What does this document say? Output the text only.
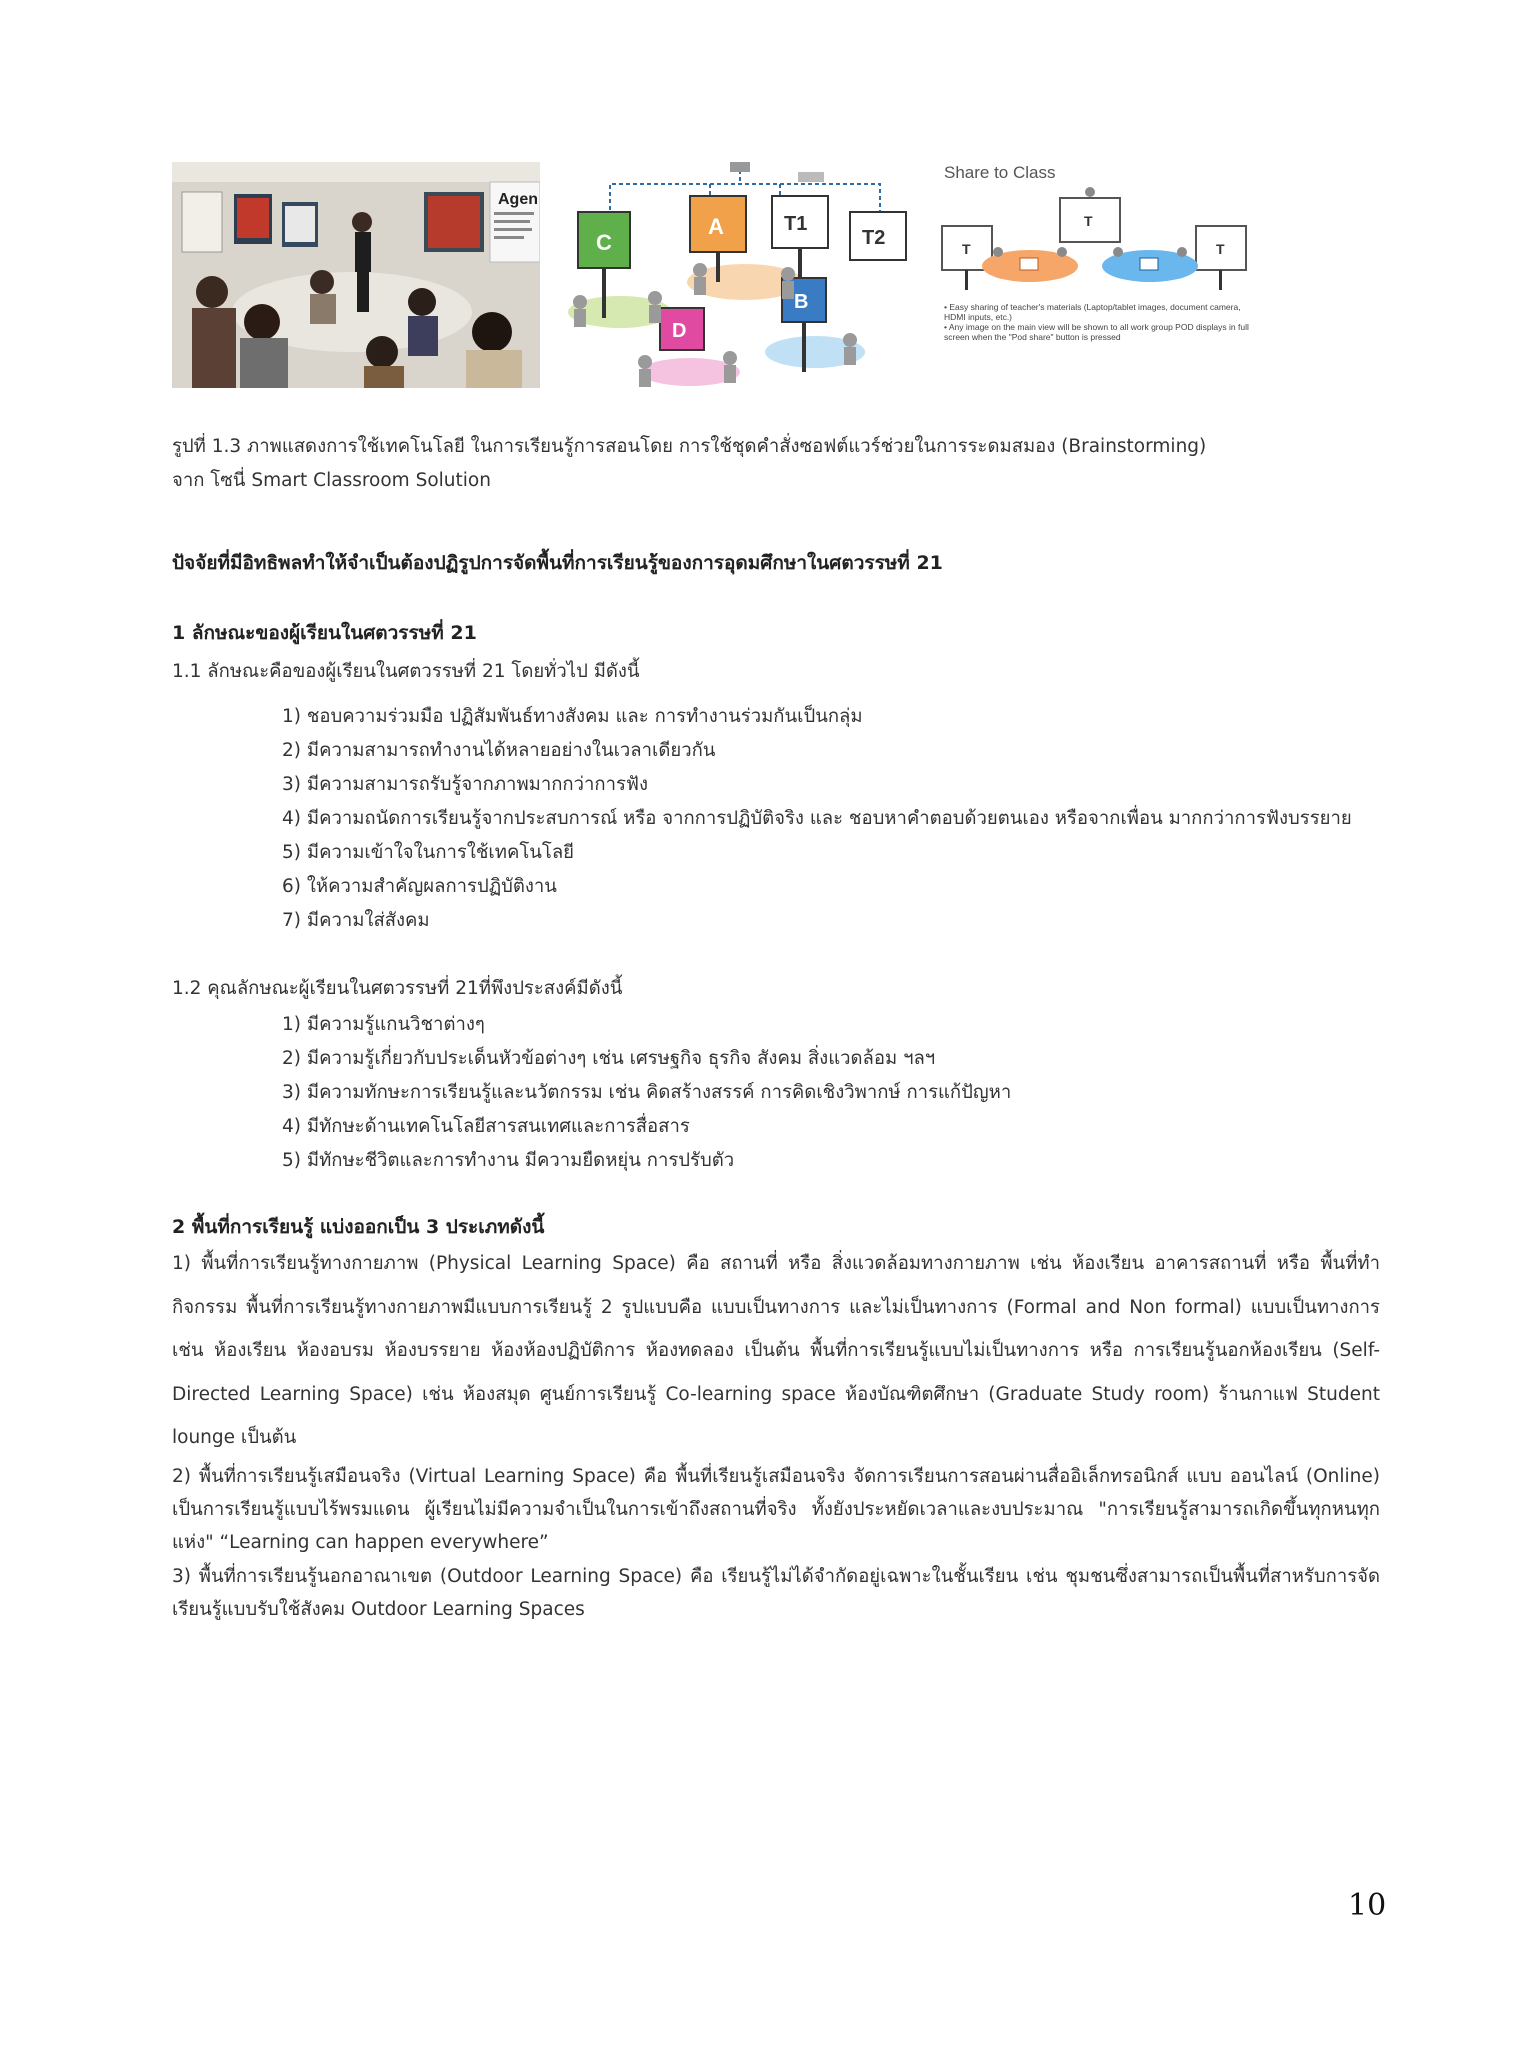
Agen
C
A	T1
T2
B
D
Share to Class
T
T	T
• Easy sharing of teacher's materials (Laptop/tablet images, document camera, HDMI inputs, etc.)
• Any image on the main view will be shown to all work group POD displays in full screen when the "Pod share" button is pressed

รูปที่ 1.3 ภาพแสดงการใช้เทคโนโลยี ในการเรียนรู้การสอนโดย การใช้ชุดคำสั่งซอฟต์แวร์ช่วยในการระดมสมอง (Brainstorming)

จาก โซนี่ Smart Classroom Solution

ปัจจัยที่มีอิทธิพลทำให้จำเป็นต้องปฏิรูปการจัดพื้นที่การเรียนรู้ของการอุดมศึกษาในศตวรรษที่ 21

1 ลักษณะของผู้เรียนในศตวรรษที่ 21

1.1 ลักษณะคือของผู้เรียนในศตวรรษที่ 21 โดยทั่วไป มีดังนี้

1) ชอบความร่วมมือ ปฏิสัมพันธ์ทางสังคม และ การทำงานร่วมกันเป็นกลุ่ม

2) มีความสามารถทำงานได้หลายอย่างในเวลาเดียวกัน

3) มีความสามารถรับรู้จากภาพมากกว่าการฟัง

4) มีความถนัดการเรียนรู้จากประสบการณ์ หรือ จากการปฏิบัติจริง และ ชอบหาคำตอบด้วยตนเอง หรือจากเพื่อน มากกว่าการฟังบรรยาย

5) มีความเข้าใจในการใช้เทคโนโลยี

6) ให้ความสำคัญผลการปฏิบัติงาน

7) มีความใส่สังคม

1.2 คุณลักษณะผู้เรียนในศตวรรษที่ 21ที่พึงประสงค์มีดังนี้

1) มีความรู้แกนวิชาต่างๆ

2) มีความรู้เกี่ยวกับประเด็นหัวข้อต่างๆ เช่น เศรษฐกิจ ธุรกิจ สังคม สิ่งแวดล้อม ฯลฯ

3) มีความทักษะการเรียนรู้และนวัตกรรม เช่น คิดสร้างสรรค์ การคิดเชิงวิพากษ์ การแก้ปัญหา

4) มีทักษะด้านเทคโนโลยีสารสนเทศและการสื่อสาร

5) มีทักษะชีวิตและการทำงาน มีความยืดหยุ่น การปรับตัว

2 พื้นที่การเรียนรู้ แบ่งออกเป็น 3 ประเภทดังนี้

1) พื้นที่การเรียนรู้ทางกายภาพ (Physical Learning Space) คือ สถานที่ หรือ สิ่งแวดล้อมทางกายภาพ เช่น ห้องเรียน อาคารสถานที่ หรือ พื้นที่ทำกิจกรรม พื้นที่การเรียนรู้ทางกายภาพมีแบบการเรียนรู้ 2 รูปแบบคือ แบบเป็นทางการ และไม่เป็นทางการ (Formal and Non formal) แบบเป็นทางการ เช่น ห้องเรียน ห้องอบรม ห้องบรรยาย ห้องห้องปฏิบัติการ ห้องทดลอง เป็นต้น พื้นที่การเรียนรู้แบบไม่เป็นทางการ หรือ การเรียนรู้นอกห้องเรียน (Self-Directed Learning Space) เช่น ห้องสมุด ศูนย์การเรียนรู้ Co-learning space ห้องบัณฑิตศึกษา (Graduate Study room) ร้านกาแฟ Student lounge เป็นต้น

2) พื้นที่การเรียนรู้เสมือนจริง (Virtual Learning Space) คือ พื้นที่เรียนรู้เสมือนจริง จัดการเรียนการสอนผ่านสื่ออิเล็กทรอนิกส์ แบบ ออนไลน์ (Online) เป็นการเรียนรู้แบบไร้พรมแดน ผู้เรียนไม่มีความจำเป็นในการเข้าถึงสถานที่จริง ทั้งยังประหยัดเวลาและงบประมาณ "การเรียนรู้สามารถเกิดขึ้นทุกหนทุกแห่ง" “Learning can happen everywhere”

3) พื้นที่การเรียนรู้นอกอาณาเขต (Outdoor Learning Space) คือ เรียนรู้ไม่ได้จำกัดอยู่เฉพาะในชั้นเรียน เช่น ชุมชนซึ่งสามารถเป็นพื้นที่สาหรับการจัดเรียนรู้แบบรับใช้สังคม Outdoor Learning Spaces

10
